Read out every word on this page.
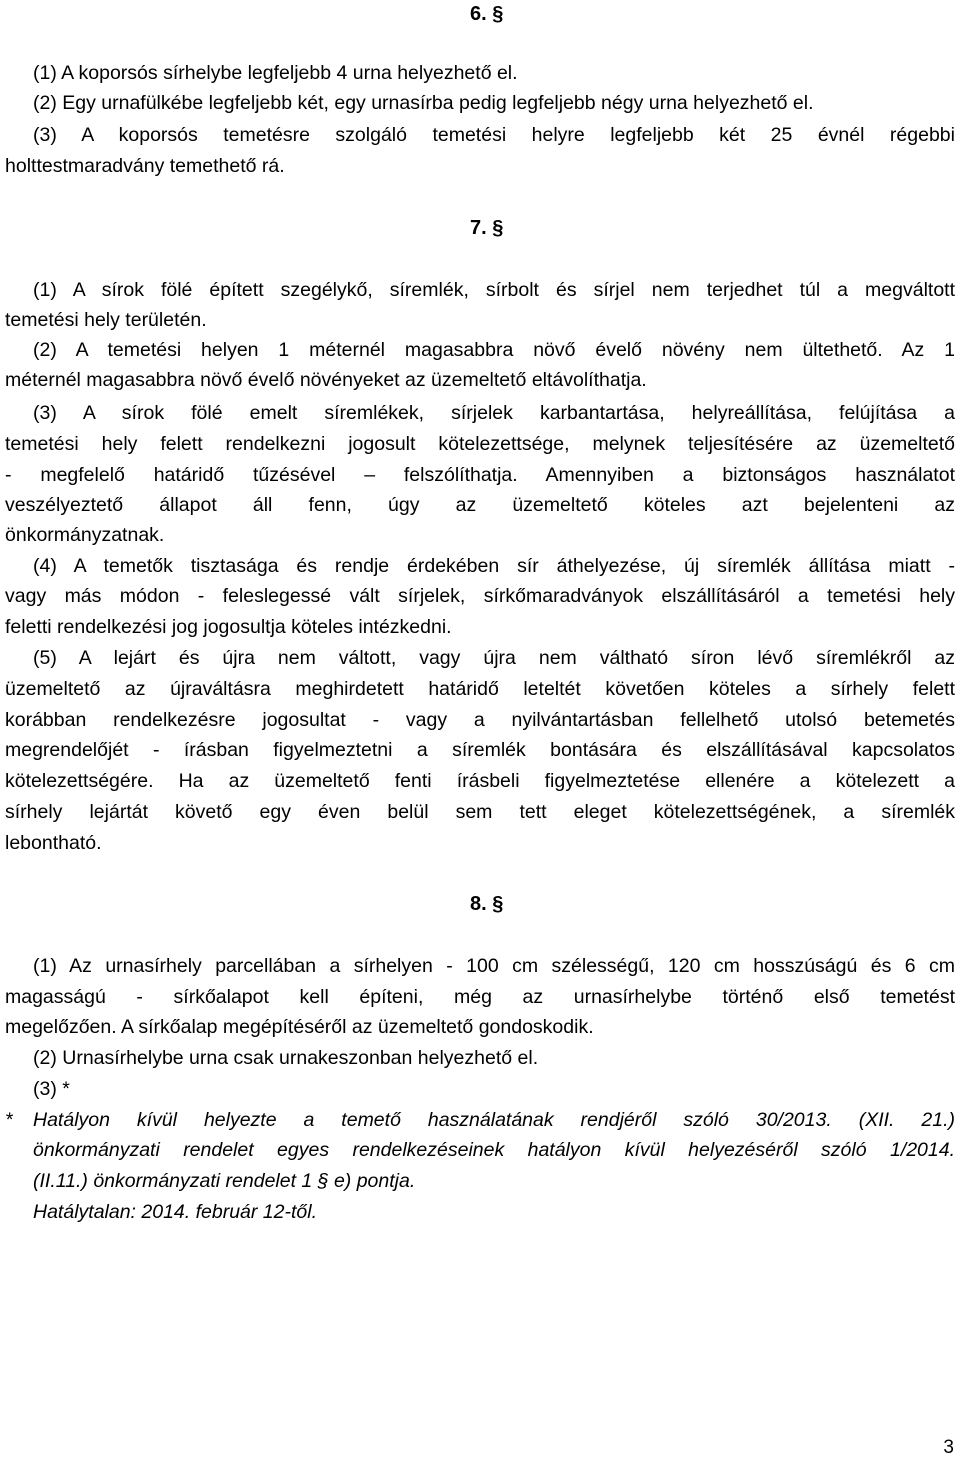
6. §
(1) A koporsós sírhelybe legfeljebb 4 urna helyezhető el.
(2) Egy urnafülkébe legfeljebb két, egy urnasírba pedig legfeljebb négy urna helyezhető el.
(3) A koporsós temetésre szolgáló temetési helyre legfeljebb két 25 évnél régebbi
holttestmaradvány temethető rá.
7. §
(1) A sírok fölé épített szegélykő, síremlék, sírbolt és sírjel nem terjedhet túl a megváltott
temetési hely területén.
(2) A temetési helyen 1 méternél magasabbra növő évelő növény nem ültethető. Az 1
méternél magasabbra növő évelő növényeket az üzemeltető eltávolíthatja.
(3) A sírok fölé emelt síremlékek, sírjelek karbantartása, helyreállítása, felújítása a
temetési hely felett rendelkezni jogosult kötelezettsége, melynek teljesítésére az üzemeltető
- megfelelő határidő tűzésével – felszólíthatja. Amennyiben a biztonságos használatot
veszélyeztető állapot áll fenn, úgy az üzemeltető köteles azt bejelenteni az
önkormányzatnak.
(4) A temetők tisztasága és rendje érdekében sír áthelyezése, új síremlék állítása miatt -
vagy más módon - feleslegessé vált sírjelek, sírkőmaradványok elszállításáról a temetési hely
feletti rendelkezési jog jogosultja köteles intézkedni.
(5) A lejárt és újra nem váltott, vagy újra nem váltható síron lévő síremlékről az
üzemeltető az újraváltásra meghirdetett határidő leteltét követően köteles a sírhely felett
korábban rendelkezésre jogosultat - vagy a nyilvántartásban fellelhető utolsó betemetés
megrendelőjét - írásban figyelmeztetni a síremlék bontására és elszállításával kapcsolatos
kötelezettségére. Ha az üzemeltető fenti írásbeli figyelmeztetése ellenére a kötelezett a
sírhely lejártát követő egy éven belül sem tett eleget kötelezettségének, a síremlék
lebontható.
8. §
(1) Az urnasírhely parcellában a sírhelyen - 100 cm szélességű, 120 cm hosszúságú és 6 cm
magasságú - sírkőalapot kell építeni, még az urnasírhelybe történő első temetést
megelőzően. A sírkőalap megépítéséről az üzemeltető gondoskodik.
(2) Urnasírhelybe urna csak urnakeszonban helyezhető el.
(3) *
* Hatályon kívül helyezte a temető használatának rendjéről szóló 30/2013. (XII. 21.)
önkormányzati rendelet egyes rendelkezéseinek hatályon kívül helyezéséről szóló 1/2014.
(II.11.) önkormányzati rendelet 1 § e) pontja.
Hatálytalan: 2014. február 12-től.
3
